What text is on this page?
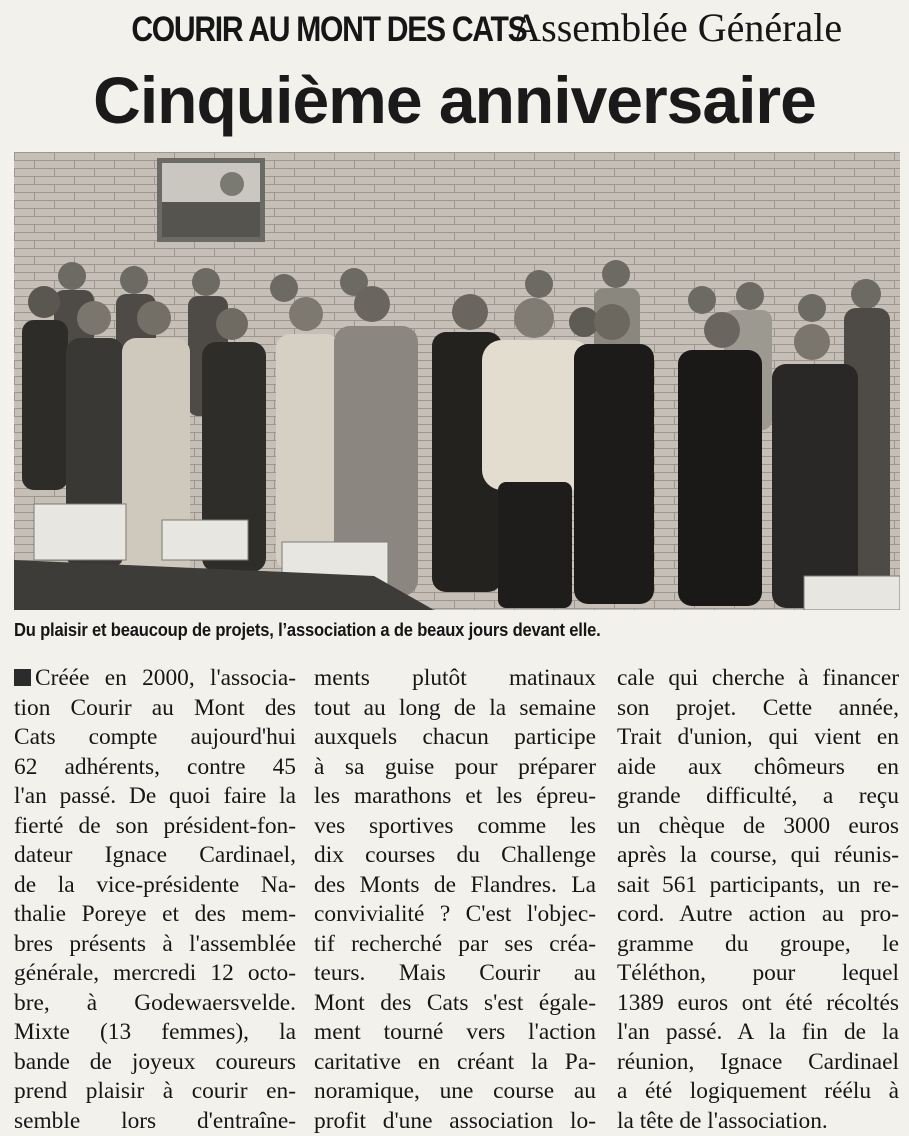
COURIR AU MONT DES CATS Assemblée Générale
Cinquième anniversaire
Du plaisir et beaucoup de projets, l’association a de beaux jours devant elle.
Créée en 2000, l'associa-
tion Courir au Mont des
Cats compte aujourd'hui
62 adhérents, contre 45
l'an passé. De quoi faire la
fierté de son président-fon-
dateur Ignace Cardinael,
de la vice-présidente Na-
thalie Poreye et des mem-
bres présents à l'assemblée
générale, mercredi 12 octo-
bre, à Godewaersvelde.
Mixte (13 femmes), la
bande de joyeux coureurs
prend plaisir à courir en-
semble lors d'entraîne-
ments plutôt matinaux
tout au long de la semaine
auxquels chacun participe
à sa guise pour préparer
les marathons et les épreu-
ves sportives comme les
dix courses du Challenge
des Monts de Flandres. La
convivialité ? C'est l'objec-
tif recherché par ses créa-
teurs. Mais Courir au
Mont des Cats s'est égale-
ment tourné vers l'action
caritative en créant la Pa-
noramique, une course au
profit d'une association lo-
cale qui cherche à financer
son projet. Cette année,
Trait d'union, qui vient en
aide aux chômeurs en
grande difficulté, a reçu
un chèque de 3000 euros
après la course, qui réunis-
sait 561 participants, un re-
cord. Autre action au pro-
gramme du groupe, le
Téléthon, pour lequel
1389 euros ont été récoltés
l'an passé. A la fin de la
réunion, Ignace Cardinael
a été logiquement réélu à
la tête de l'association.
